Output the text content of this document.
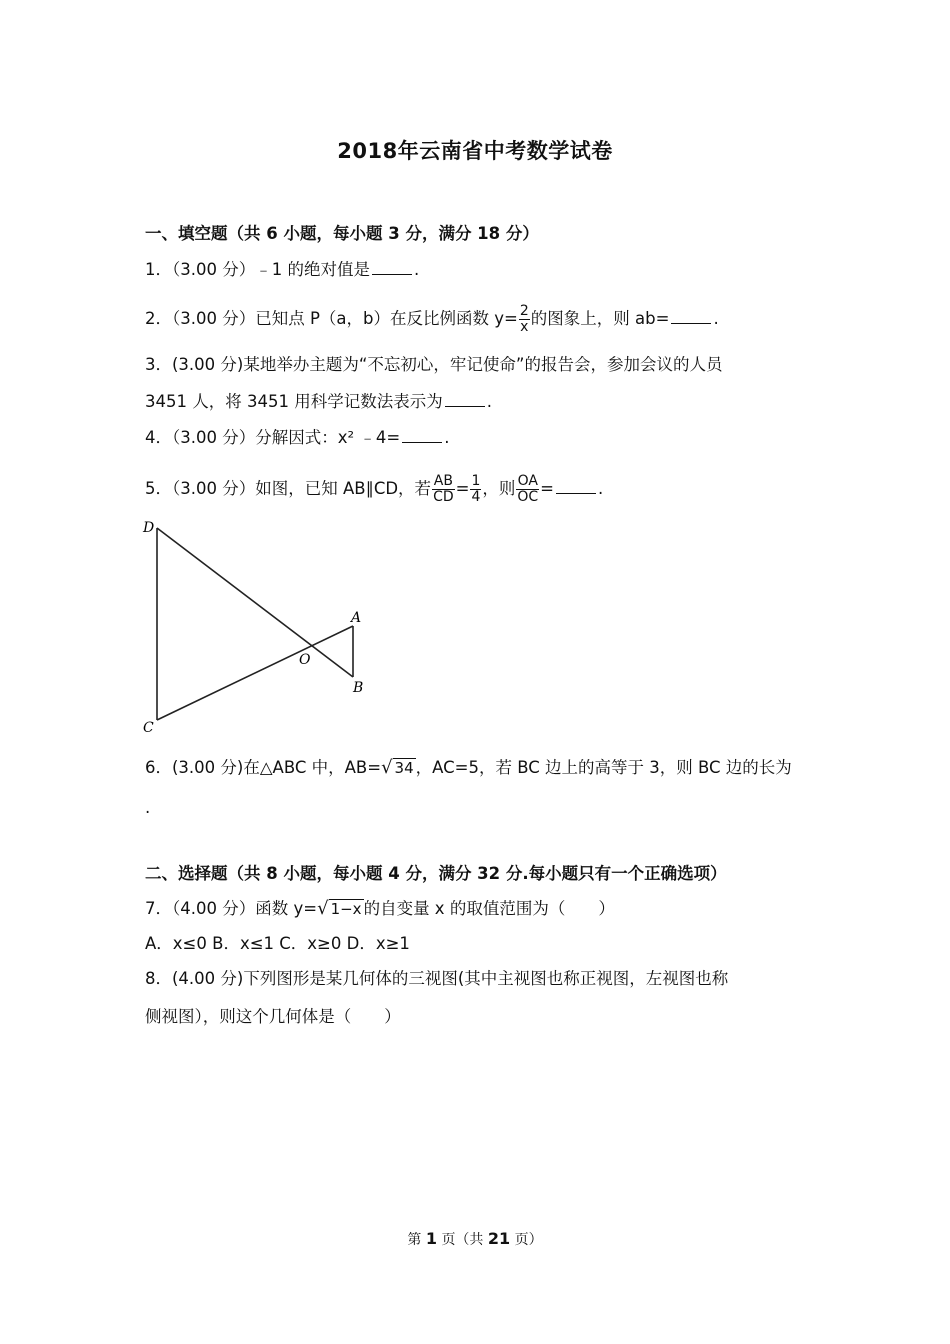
2018年云南省中考数学试卷
一、填空题（共 6 小题，每小题 3 分，满分 18 分）
1．（3.00 分）﹣1 的绝对值是	.
2．（3.00 分）已知点 P（a，b）在反比例函数 $y= \frac{2}{x}$ 的图象上，则 ab=	.
3．(3.00 分)某地举办主题为“不忘初心，牢记使命”的报告会，参加会议的人员
3451 人，将 3451 用科学记数法表示为	.
4．（3.00 分）分解因式：x² ﹣4=	.
5．（3.00 分）如图，已知 AB∥CD，若 $\frac{AB}{CD} = \frac{1}{4}$ ，则 $\frac{OA}{OC}$ =	.
D
A
O
B
C
6．(3.00 分)在△ABC 中，AB=√ 34 ，AC=5，若 BC 边上的高等于 3，则 BC 边的长为
.
二、选择题（共 8 小题，每小题 4 分，满分 32 分.每小题只有一个正确选项）
7．（4.00 分）函数 y=√ 1−x 的自变量 x 的取值范围为（　　）
A．x≤0 B．x≤1 C．x≥0 D．x≥1
8．(4.00 分)下列图形是某几何体的三视图(其中主视图也称正视图，左视图也称
侧视图），则这个几何体是（　　）
第 1 页（共 21 页）
